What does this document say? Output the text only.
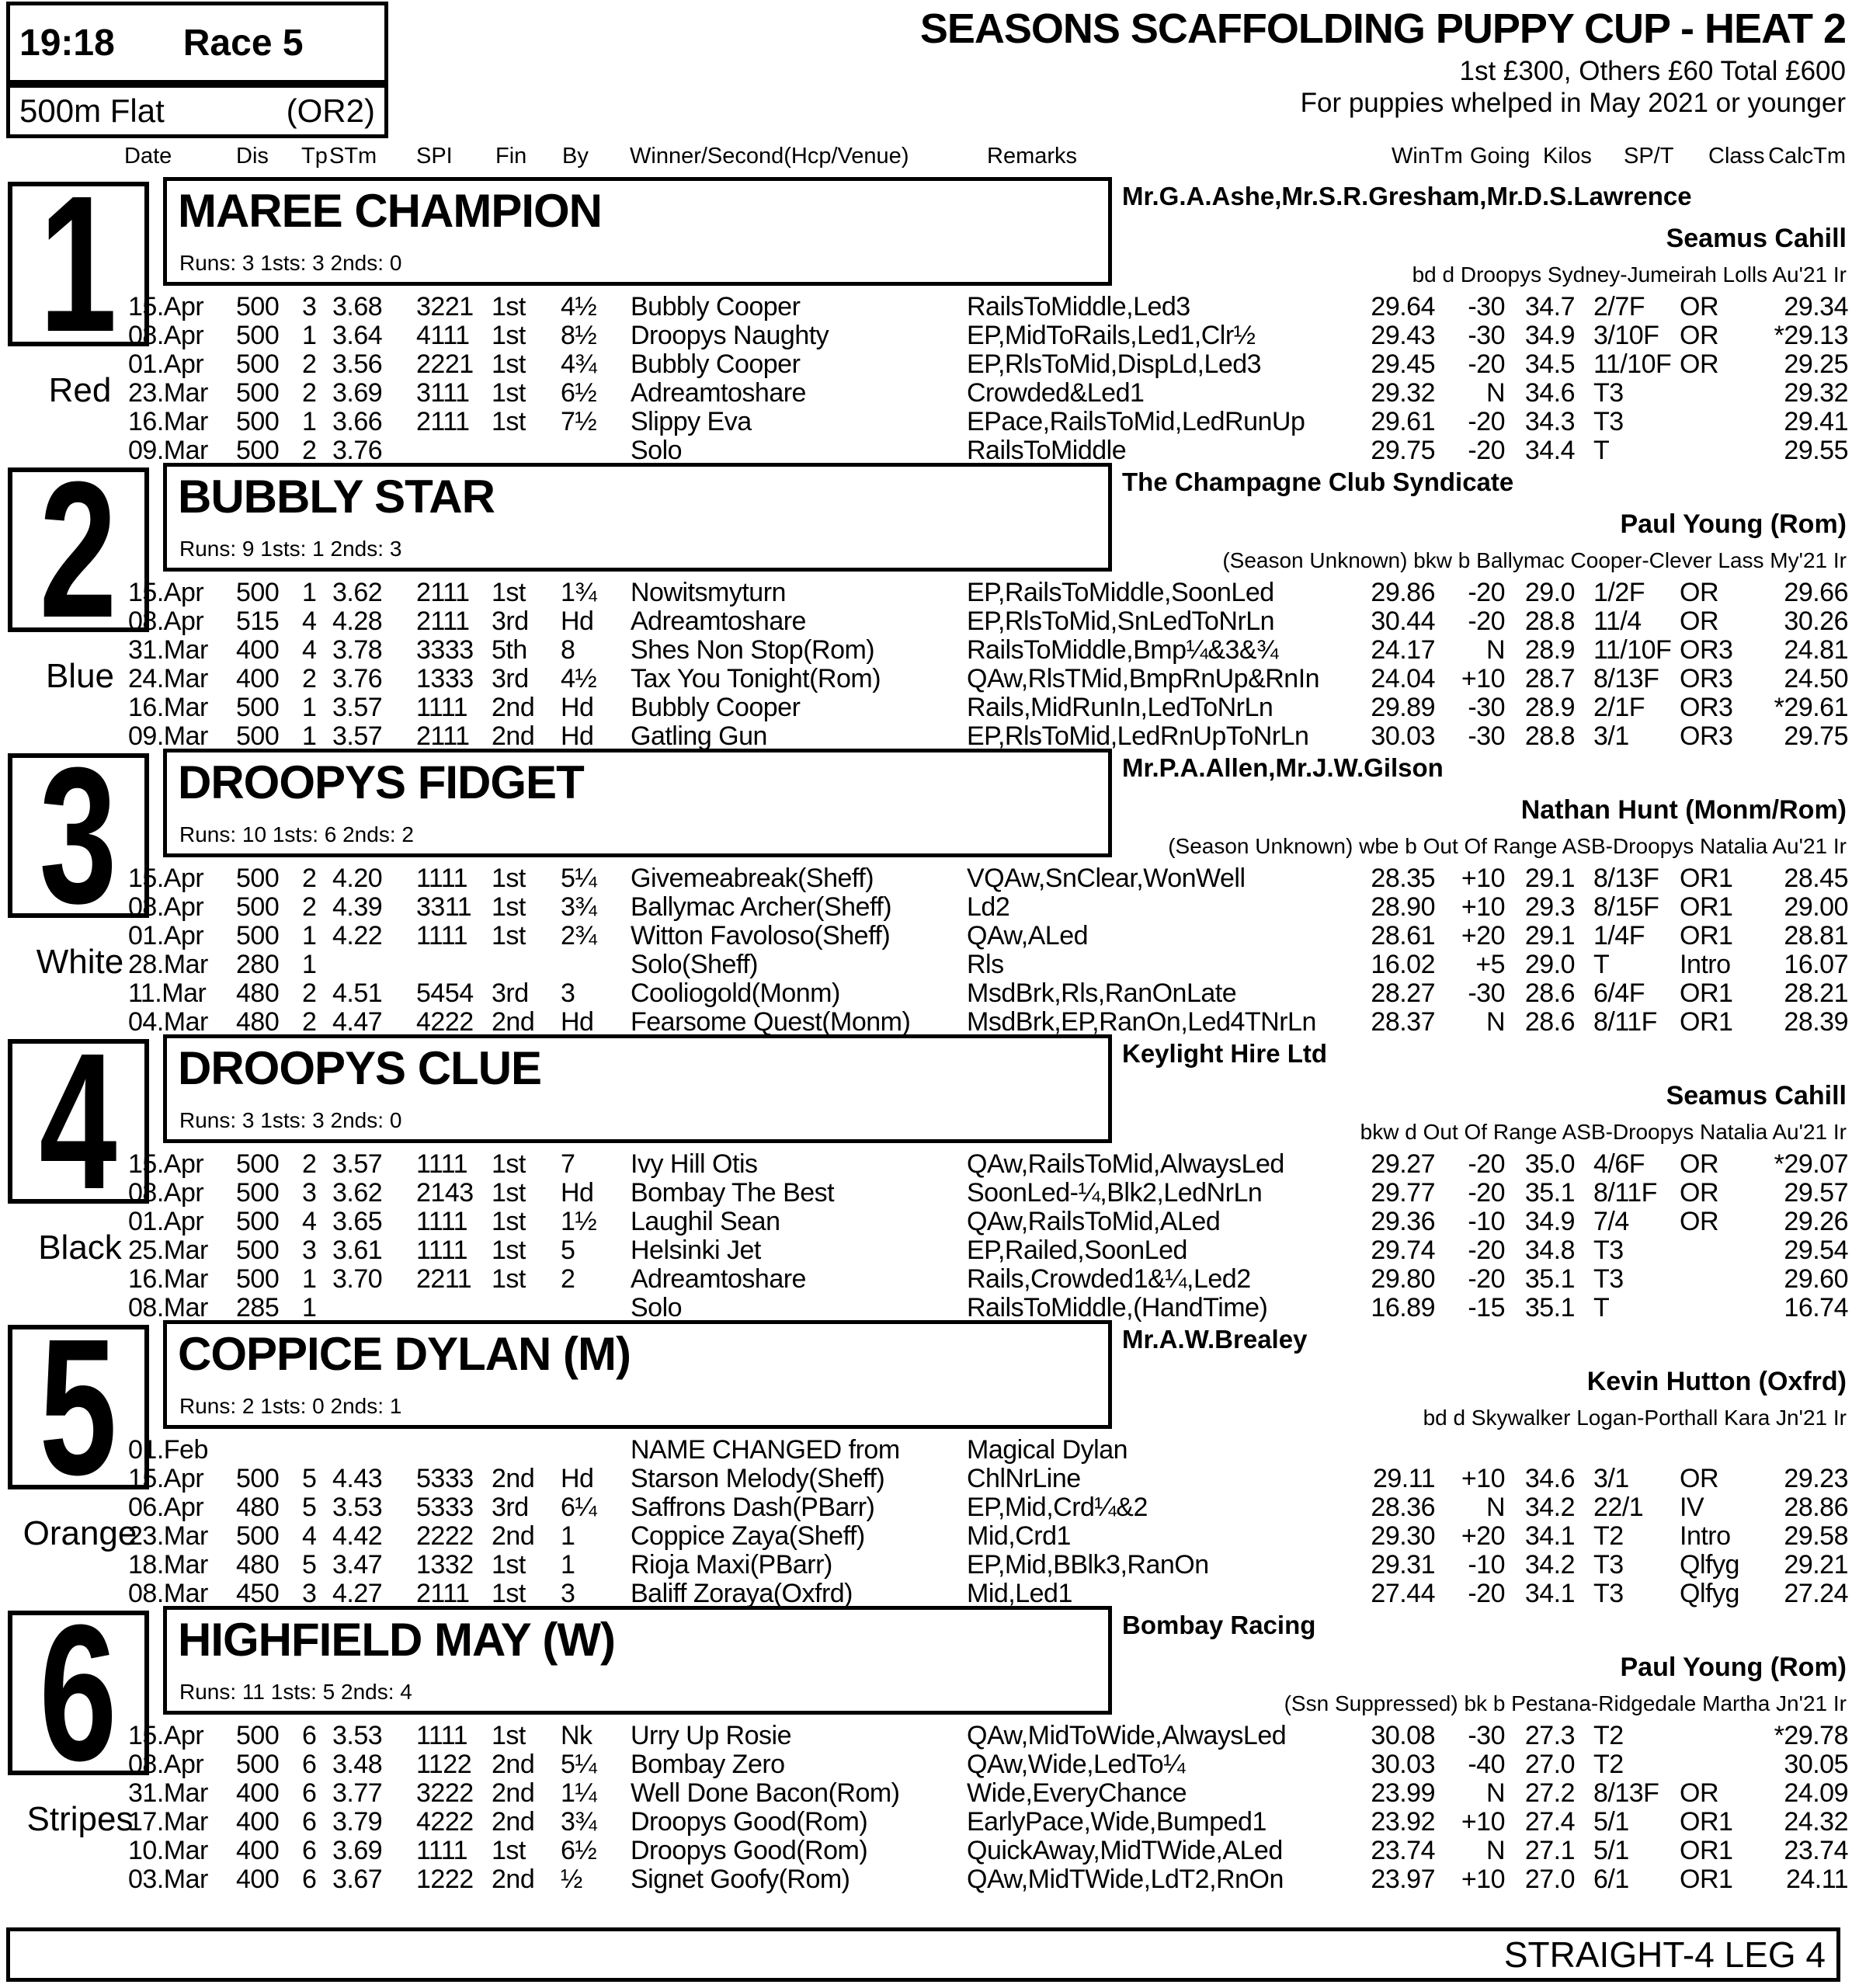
19:18 Race 5
500m Flat	(OR2)
SEASONS SCAFFOLDING PUPPY CUP - HEAT 2
1st £300, Others £60 Total £600
For puppies whelped in May 2021 or younger
Date	Dis Tp STm SPI Fin By Winner/Second(Hcp/Venue)	Remarks	WinTm Going Kilos SP/T Class CalcTm
1
Red
MAREE CHAMPION
Runs: 3 1sts: 3 2nds: 0
Mr.G.A.Ashe,Mr.S.R.Gresham,Mr.D.S.Lawrence
Seamus Cahill
bd d Droopys Sydney-Jumeirah Lolls Au'21 Ir
15.Apr 500 3 3.68 3221 1st 4½ Bubbly Cooper	RailsToMiddle,Led3	29.64	-30 34.7 2/7F OR	29.34
08.Apr 500 1 3.64 4111 1st 8½ Droopys Naughty	EP,MidToRails,Led1,Clr½	29.43	-30 34.9 3/10F OR	*29.13
01.Apr 500 2 3.56 2221 1st 4¾ Bubbly Cooper	EP,RlsToMid,DispLd,Led3	29.45	-20 34.5 11/10F OR	29.25
23.Mar 500 2 3.69 3111 1st 6½ Adreamtoshare	Crowded&Led1	29.32	N 34.6 T3	29.32
16.Mar 500 1 3.66 2111 1st 7½ Slippy Eva	EPace,RailsToMid,LedRunUp	29.61	-20 34.3 T3	29.41
09.Mar 500 2 3.76	Solo	RailsToMiddle	29.75	-20 34.4 T	29.55
2
Blue
BUBBLY STAR
Runs: 9 1sts: 1 2nds: 3
The Champagne Club Syndicate
Paul Young (Rom)
(Season Unknown) bkw b Ballymac Cooper-Clever Lass My'21 Ir
15.Apr 500 1 3.62 2111 1st 1¾ Nowitsmyturn	EP,RailsToMiddle,SoonLed	29.86	-20 29.0 1/2F OR	29.66
08.Apr 515 4 4.28 2111 3rd Hd Adreamtoshare	EP,RlsToMid,SnLedToNrLn	30.44	-20 28.8 11/4 OR	30.26
31.Mar 400 4 3.78 3333 5th 8 Shes Non Stop(Rom)	RailsToMiddle,Bmp¼&3&¾	24.17	N 28.9 11/10F OR3	24.81
24.Mar 400 2 3.76 1333 3rd 4½ Tax You Tonight(Rom)	QAw,RlsTMid,BmpRnUp&RnIn	24.04 +10 28.7 8/13F OR3	24.50
16.Mar 500 1 3.57 1111 2nd Hd Bubbly Cooper	Rails,MidRunIn,LedToNrLn	29.89	-30 28.9 2/1F OR3	*29.61
09.Mar 500 1 3.57 2111 2nd Hd Gatling Gun	EP,RlsToMid,LedRnUpToNrLn	30.03	-30 28.8 3/1 OR3	29.75
3
White
DROOPYS FIDGET
Runs: 10 1sts: 6 2nds: 2
Mr.P.A.Allen,Mr.J.W.Gilson
Nathan Hunt (Monm/Rom)
(Season Unknown) wbe b Out Of Range ASB-Droopys Natalia Au'21 Ir
15.Apr 500 2 4.20 1111 1st 5¼ Givemeabreak(Sheff)	VQAw,SnClear,WonWell	28.35 +10 29.1 8/13F OR1	28.45
08.Apr 500 2 4.39 3311 1st 3¾ Ballymac Archer(Sheff)	Ld2	28.90 +10 29.3 8/15F OR1	29.00
01.Apr 500 1 4.22 1111 1st 2¾ Witton Favoloso(Sheff)	QAw,ALed	28.61 +20 29.1 1/4F OR1	28.81
28.Mar 280 1	Solo(Sheff)	Rls	16.02	+5 29.0 T	Intro	16.07
11.Mar 480 2 4.51 5454 3rd 3 Cooliogold(Monm)	MsdBrk,Rls,RanOnLate	28.27	-30 28.6 6/4F OR1	28.21
04.Mar 480 2 4.47 4222 2nd Hd Fearsome Quest(Monm) MsdBrk,EP,RanOn,Led4TNrLn	28.37	N 28.6 8/11F OR1	28.39
4
Black
DROOPYS CLUE
Runs: 3 1sts: 3 2nds: 0
Keylight Hire Ltd
Seamus Cahill
bkw d Out Of Range ASB-Droopys Natalia Au'21 Ir
15.Apr 500 2 3.57 1111 1st 7 Ivy Hill Otis	QAw,RailsToMid,AlwaysLed	29.27	-20 35.0 4/6F OR	*29.07
08.Apr 500 3 3.62 2143 1st Hd Bombay The Best	SoonLed-¼,Blk2,LedNrLn	29.77	-20 35.1 8/11F OR	29.57
01.Apr 500 4 3.65 1111 1st 1½ Laughil Sean	QAw,RailsToMid,ALed	29.36	-10 34.9 7/4 OR	29.26
25.Mar 500 3 3.61 1111 1st 5 Helsinki Jet	EP,Railed,SoonLed	29.74	-20 34.8 T3	29.54
16.Mar 500 1 3.70 2211 1st 2 Adreamtoshare	Rails,Crowded1&¼,Led2	29.80	-20 35.1 T3	29.60
08.Mar 285 1	Solo	RailsToMiddle,(HandTime)	16.89	-15 35.1 T	16.74
5
Orange
COPPICE DYLAN (M)
Runs: 2 1sts: 0 2nds: 1
Mr.A.W.Brealey
Kevin Hutton (Oxfrd)
bd d Skywalker Logan-Porthall Kara Jn'21 Ir
01.Feb	NAME CHANGED from	Magical Dylan
15.Apr 500 5 4.43 5333 2nd Hd Starson Melody(Sheff)	ChlNrLine	29.11 +10 34.6 3/1 OR	29.23
06.Apr 480 5 3.53 5333 3rd 6¼ Saffrons Dash(PBarr)	EP,Mid,Crd¼&2	28.36	N 34.2 22/1 IV	28.86
23.Mar 500 4 4.42 2222 2nd 1 Coppice Zaya(Sheff)	Mid,Crd1	29.30 +20 34.1 T2 Intro	29.58
18.Mar 480 5 3.47 1332 1st 1 Rioja Maxi(PBarr)	EP,Mid,BBlk3,RanOn	29.31	-10 34.2 T3 Qlfyg	29.21
08.Mar 450 3 4.27 2111 1st 3 Baliff Zoraya(Oxfrd)	Mid,Led1	27.44	-20 34.1 T3 Qlfyg	27.24
6
Stripes
HIGHFIELD MAY (W)
Runs: 11 1sts: 5 2nds: 4
Bombay Racing
Paul Young (Rom)
(Ssn Suppressed) bk b Pestana-Ridgedale Martha Jn'21 Ir
15.Apr 500 6 3.53 1111 1st Nk Urry Up Rosie	QAw,MidToWide,AlwaysLed	30.08	-30 27.3 T2	*29.78
08.Apr 500 6 3.48 1122 2nd 5¼ Bombay Zero	QAw,Wide,LedTo¼	30.03	-40 27.0 T2	30.05
31.Mar 400 6 3.77 3222 2nd 1¼ Well Done Bacon(Rom)	Wide,EveryChance	23.99	N 27.2 8/13F OR	24.09
17.Mar 400 6 3.79 4222 2nd 3¾ Droopys Good(Rom)	EarlyPace,Wide,Bumped1	23.92 +10 27.4 5/1 OR1	24.32
10.Mar 400 6 3.69 1111 1st 6½ Droopys Good(Rom)	QuickAway,MidTWide,ALed	23.74	N 27.1 5/1 OR1	23.74
03.Mar 400 6 3.67 1222 2nd ½ Signet Goofy(Rom)	QAw,MidTWide,LdT2,RnOn	23.97 +10 27.0 6/1 OR1	24.11
STRAIGHT-4 LEG 4
